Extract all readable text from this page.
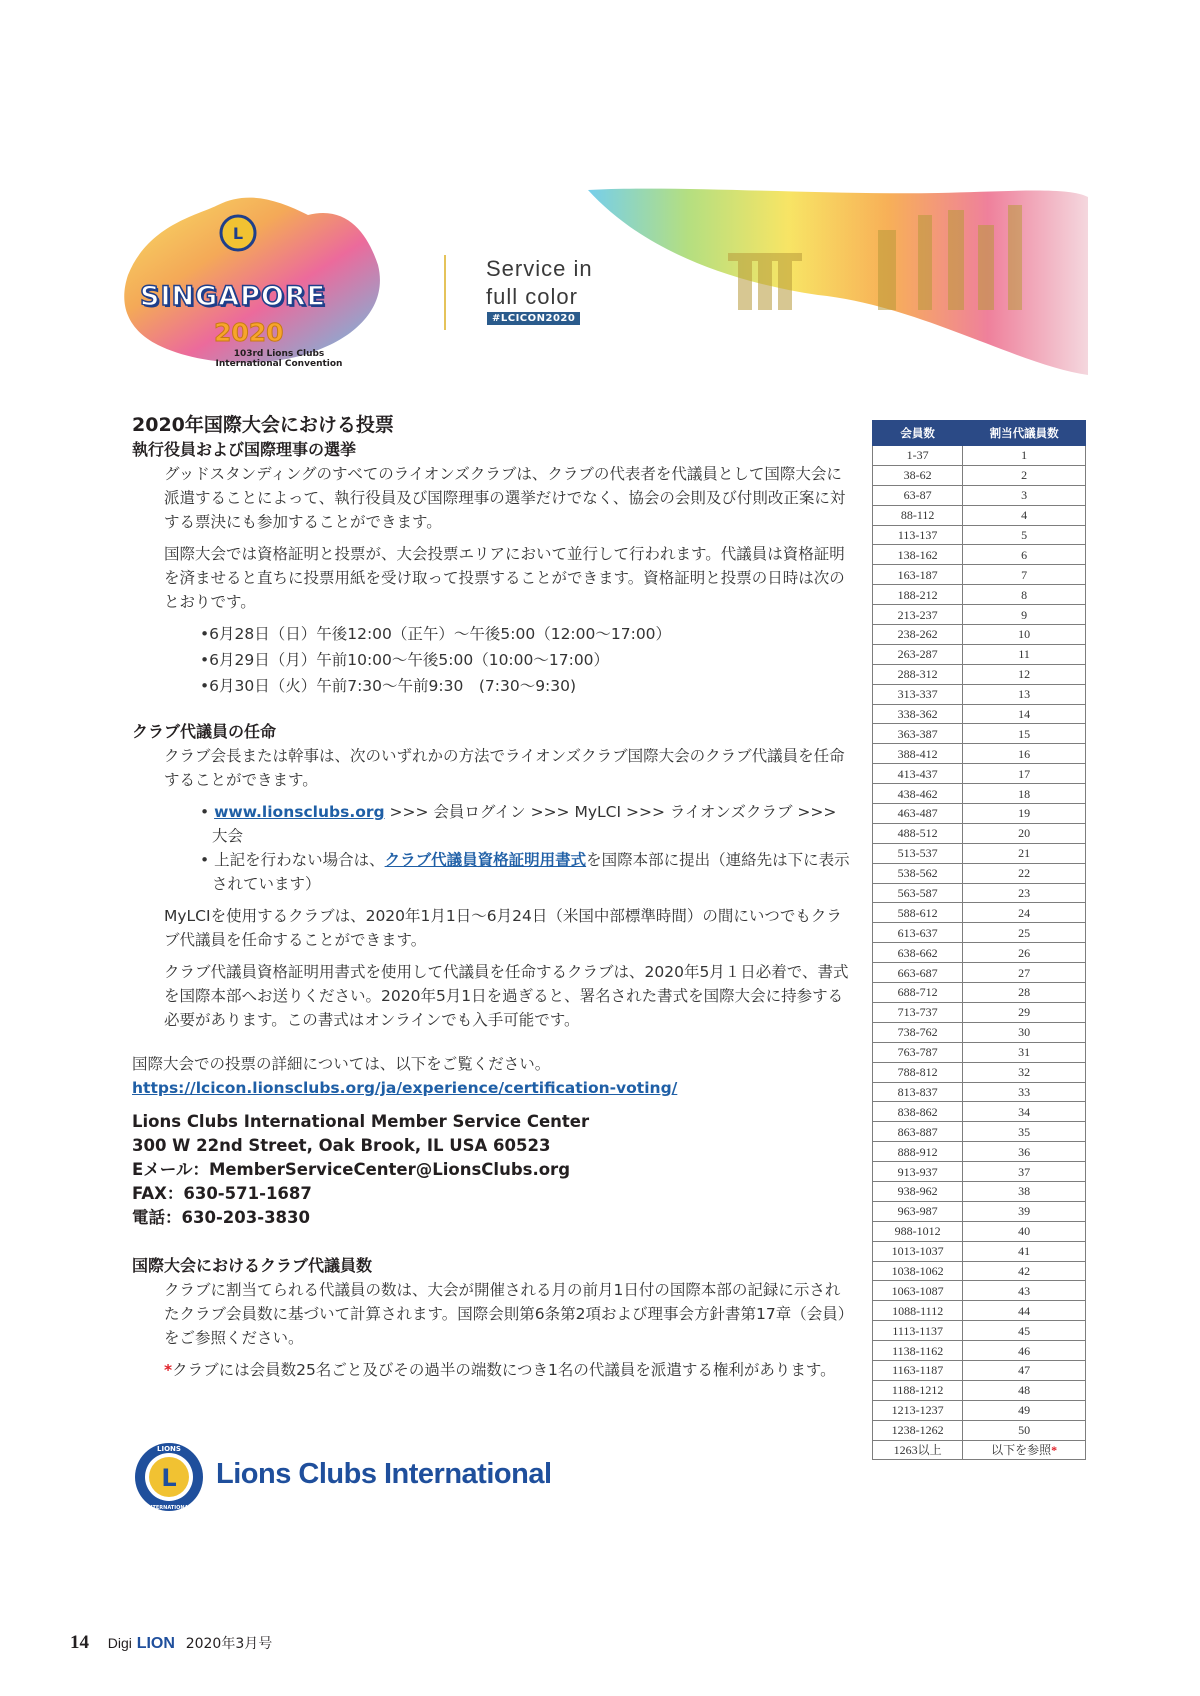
L
SINGAPORE
2020
103rd Lions Clubs International Convention
Service in
full color
#LCICON2020
2020年国際大会における投票
執行役員および国際理事の選挙

グッドスタンディングのすべてのライオンズクラブは、クラブの代表者を代議員として国際大会に派遣することによって、執行役員及び国際理事の選挙だけでなく、協会の会則及び付則改正案に対する票決にも参加することができます。

国際大会では資格証明と投票が、大会投票エリアにおいて並行して行われます。代議員は資格証明を済ませると直ちに投票用紙を受け取って投票することができます。資格証明と投票の日時は次のとおりです。

•6月28日（日）午後12:00（正午）～午後5:00（12:00～17:00）
•6月29日（月）午前10:00～午後5:00（10:00～17:00）
•6月30日（火）午前7:30～午前9:30　(7:30～9:30)
クラブ代議員の任命

クラブ会長または幹事は、次のいずれかの方法でライオンズクラブ国際大会のクラブ代議員を任命することができます。

• www.lionsclubs.org >>> 会員ログイン >>> MyLCI >>> ライオンズクラブ >>> 大会
• 上記を行わない場合は、クラブ代議員資格証明用書式を国際本部に提出（連絡先は下に表示されています）

MyLCIを使用するクラブは、2020年1月1日～6月24日（米国中部標準時間）の間にいつでもクラブ代議員を任命することができます。

クラブ代議員資格証明用書式を使用して代議員を任命するクラブは、2020年5月１日必着で、書式を国際本部へお送りください。2020年5月1日を過ぎると、署名された書式を国際大会に持参する必要があります。この書式はオンラインでも入手可能です。

国際大会での投票の詳細については、以下をご覧ください。

https://lcicon.lionsclubs.org/ja/experience/certification-voting/

Lions Clubs International Member Service Center

300 W 22nd Street, Oak Brook, IL USA 60523

Eメール：MemberServiceCenter@LionsClubs.org

FAX：630-571-1687

電話：630-203-3830

国際大会におけるクラブ代議員数

クラブに割当てられる代議員の数は、大会が開催される月の前月1日付の国際本部の記録に示されたクラブ会員数に基づいて計算されます。国際会則第6条第2項および理事会方針書第17章（会員）をご参照ください。

*クラブには会員数25名ごと及びその過半の端数につき1名の代議員を派遣する権利があります。

会員数	割当代議員数
1-37	1
38-62	2
63-87	3
88-112	4
113-137	5
138-162	6
163-187	7
188-212	8
213-237	9
238-262	10
263-287	11
288-312	12
313-337	13
338-362	14
363-387	15
388-412	16
413-437	17
438-462	18
463-487	19
488-512	20
513-537	21
538-562	22
563-587	23
588-612	24
613-637	25
638-662	26
663-687	27
688-712	28
713-737	29
738-762	30
763-787	31
788-812	32
813-837	33
838-862	34
863-887	35
888-912	36
913-937	37
938-962	38
963-987	39
988-1012	40
1013-1037	41
1038-1062	42
1063-1087	43
1088-1112	44
1113-1137	45
1138-1162	46
1163-1187	47
1188-1212	48
1213-1237	49
1238-1262	50
1263以上	以下を参照*
L
LIONS
INTERNATIONAL
Lions Clubs International
14 Digi LION 2020年3月号
